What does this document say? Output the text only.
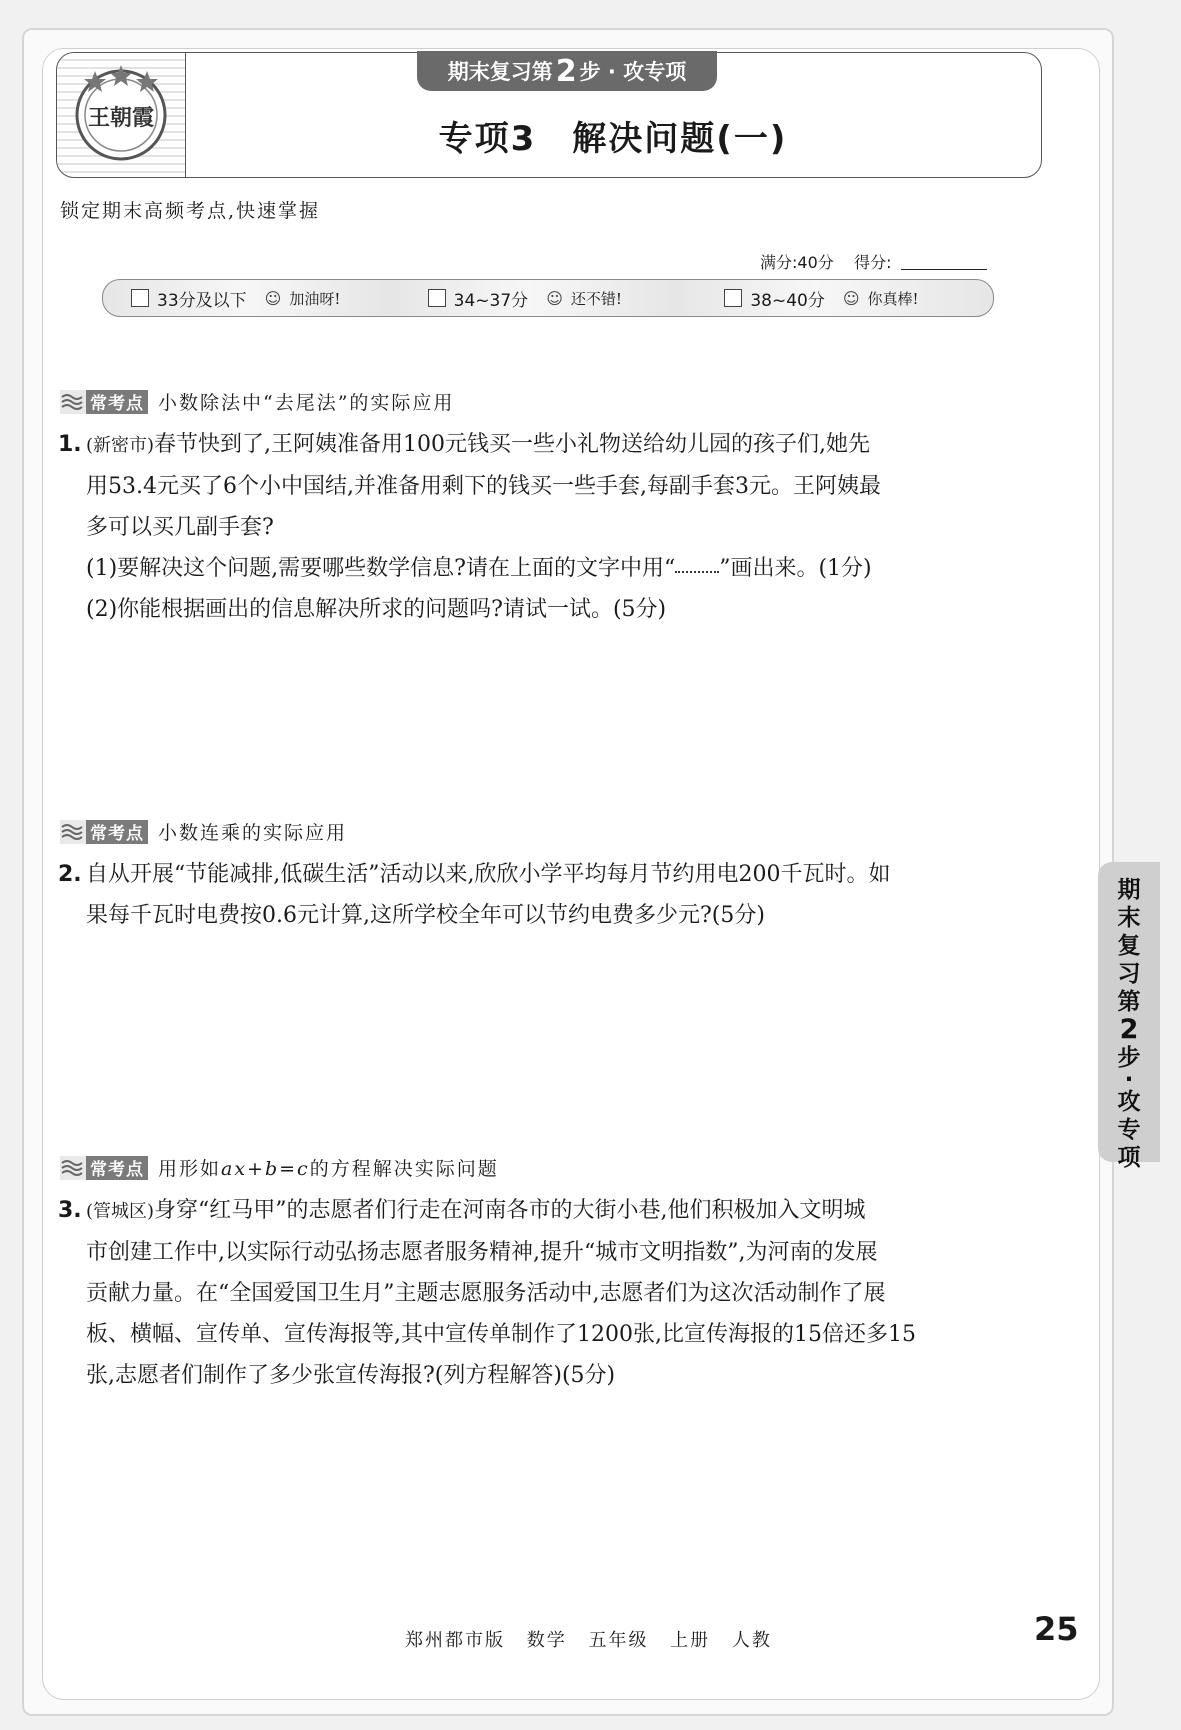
王朝霞
期末复习第 2 步 · 攻专项
专项3　解决问题(一)
锁定期末高频考点,快速掌握
满分:40分 得分:
33分及以下 ☺ 加油呀!	34~37分 ☺ 还不错!	38~40分 ☺ 你真棒!
常考点 小数除法中“去尾法”的实际应用

1. (新密市)春节快到了,王阿姨准备用100元钱买一些小礼物送给幼儿园的孩子们,她先

用53.4元买了6个小中国结,并准备用剩下的钱买一些手套,每副手套3元。王阿姨最

多可以买几副手套?

(1)要解决这个问题,需要哪些数学信息?请在上面的文字中用“ ”画出来。(1分)

(2)你能根据画出的信息解决所求的问题吗?请试一试。(5分)

常考点 小数连乘的实际应用

2. 自从开展“节能减排,低碳生活”活动以来,欣欣小学平均每月节约用电200千瓦时。如

果每千瓦时电费按0.6元计算,这所学校全年可以节约电费多少元?(5分)

常考点 用形如ax+b=c的方程解决实际问题

3. (管城区)身穿“红马甲”的志愿者们行走在河南各市的大街小巷,他们积极加入文明城

市创建工作中,以实际行动弘扬志愿者服务精神,提升“城市文明指数”,为河南的发展

贡献力量。在“全国爱国卫生月”主题志愿服务活动中,志愿者们为这次活动制作了展

板、横幅、宣传单、宣传海报等,其中宣传单制作了1200张,比宣传海报的15倍还多15

张,志愿者们制作了多少张宣传海报?(列方程解答)(5分)

期
末
复
习
第
2
步
·
攻
专
项
郑州都市版 数学 五年级 上册 人教	25
